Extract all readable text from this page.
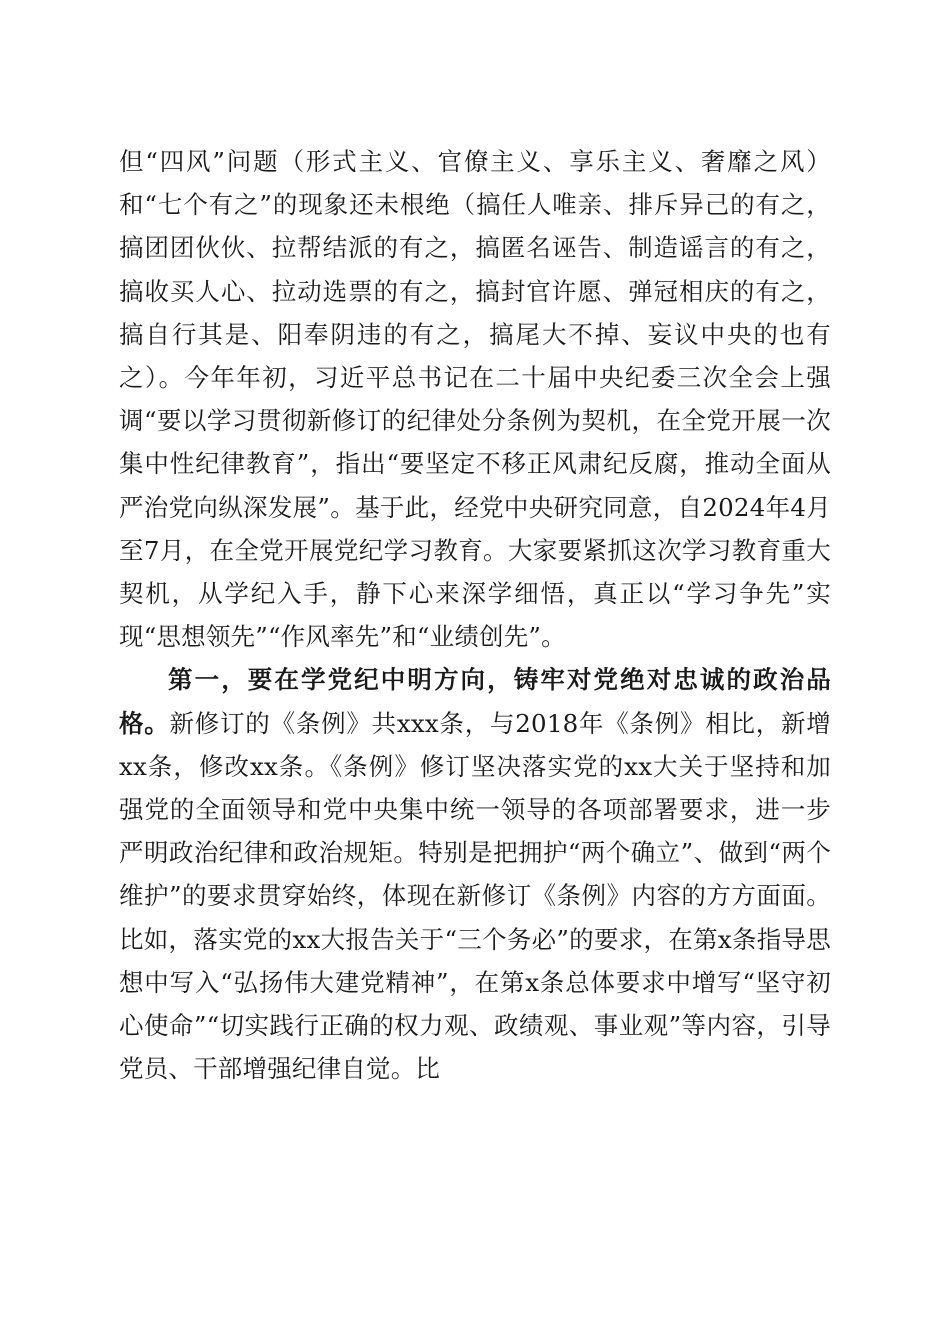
但“四风”问题（形式主义、官僚主义、享乐主义、奢靡之风）和“七个有之”的现象还未根绝（搞任人唯亲、排斥异己的有之，搞团团伙伙、拉帮结派的有之，搞匿名诬告、制造谣言的有之，搞收买人心、拉动选票的有之，搞封官许愿、弹冠相庆的有之，搞自行其是、阳奉阴违的有之，搞尾大不掉、妄议中央的也有之）。今年年初，习近平总书记在二十届中央纪委三次全会上强调“要以学习贯彻新修订的纪律处分条例为契机，在全党开展一次集中性纪律教育”，指出“要坚定不移正风肃纪反腐，推动全面从严治党向纵深发展”。基于此，经党中央研究同意，自2024年4月至7月，在全党开展党纪学习教育。大家要紧抓这次学习教育重大契机，从学纪入手，静下心来深学细悟，真正以“学习争先”实现“思想领先”“作风率先”和“业绩创先”。

第一，要在学党纪中明方向，铸牢对党绝对忠诚的政治品格。新修订的《条例》共xxx条，与2018年《条例》相比，新增xx条，修改xx条。《条例》修订坚决落实党的xx大关于坚持和加强党的全面领导和党中央集中统一领导的各项部署要求，进一步严明政治纪律和政治规矩。特别是把拥护“两个确立”、做到“两个维护”的要求贯穿始终，体现在新修订《条例》内容的方方面面。比如，落实党的xx大报告关于“三个务必”的要求，在第x条指导思想中写入“弘扬伟大建党精神”，在第x条总体要求中增写“坚守初心使命”“切实践行正确的权力观、政绩观、事业观”等内容，引导党员、干部增强纪律自觉。比
